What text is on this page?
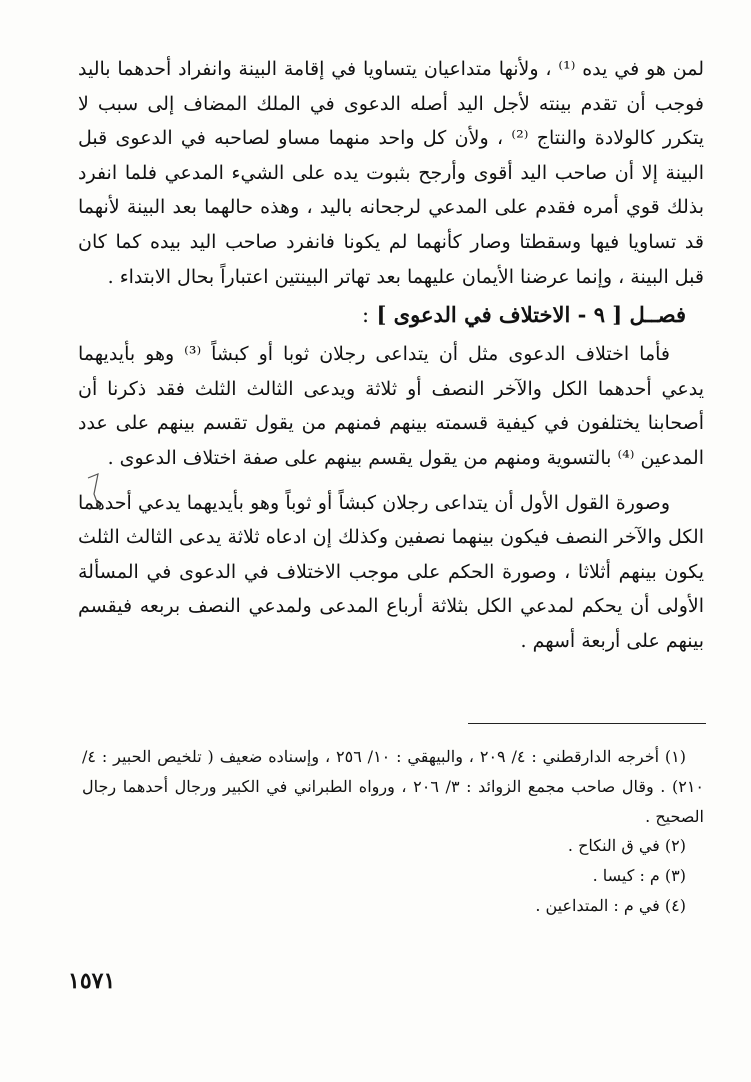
لمن هو في يده ⁽¹⁾ ، ولأنها متداعيان يتساويا في إقامة البينة وانفراد أحدهما باليد فوجب أن تقدم بينته لأجل اليد أصله الدعوى في الملك المضاف إلى سبب لا يتكرر كالولادة والنتاج ⁽²⁾ ، ولأن كل واحد منهما مساو لصاحبه في الدعوى قبل البينة إلا أن صاحب اليد أقوى وأرجح بثبوت يده على الشيء المدعي فلما انفرد بذلك قوي أمره فقدم على المدعي لرجحانه باليد ، وهذه حالهما بعد البينة لأنهما قد تساويا فيها وسقطتا وصار كأنهما لم يكونا فانفرد صاحب اليد بيده كما كان قبل البينة ، وإنما عرضنا الأيمان عليهما بعد تهاتر البينتين اعتباراً بحال الابتداء .

فصــل [ ٩ - الاختلاف في الدعوى ] :

فأما اختلاف الدعوى مثل أن يتداعى رجلان ثوبا أو كبشاً ⁽³⁾ وهو بأيديهما يدعي أحدهما الكل والآخر النصف أو ثلاثة ويدعى الثالث الثلث فقد ذكرنا أن أصحابنا يختلفون في كيفية قسمته بينهم فمنهم من يقول تقسم بينهم على عدد المدعين ⁽⁴⁾ بالتسوية ومنهم من يقول يقسم بينهم على صفة اختلاف الدعوى .

وصورة القول الأول أن يتداعى رجلان كبشاً أو ثوباً وهو بأيديهما يدعي أحدهما الكل والآخر النصف فيكون بينهما نصفين وكذلك إن ادعاه ثلاثة يدعى الثالث الثلث يكون بينهم أثلاثا ، وصورة الحكم على موجب الاختلاف في الدعوى في المسألة الأولى أن يحكم لمدعي الكل بثلاثة أرباع المدعى ولمدعي النصف بربعه فيقسم بينهم على أربعة أسهم .

(١) أخرجه الدارقطني : ٤/ ٢٠٩ ، والبيهقي : ١٠/ ٢٥٦ ، وإسناده ضعيف ( تلخيص الحبير : ٤/ ٢١٠) . وقال صاحب مجمع الزوائد : ٣/ ٢٠٦ ، ورواه الطبراني في الكبير ورجال أحدهما رجال الصحيح .

(٢) في ق النكاح .

(٣) م : كيسا .

(٤) في م : المتداعين .

١٥٧١
